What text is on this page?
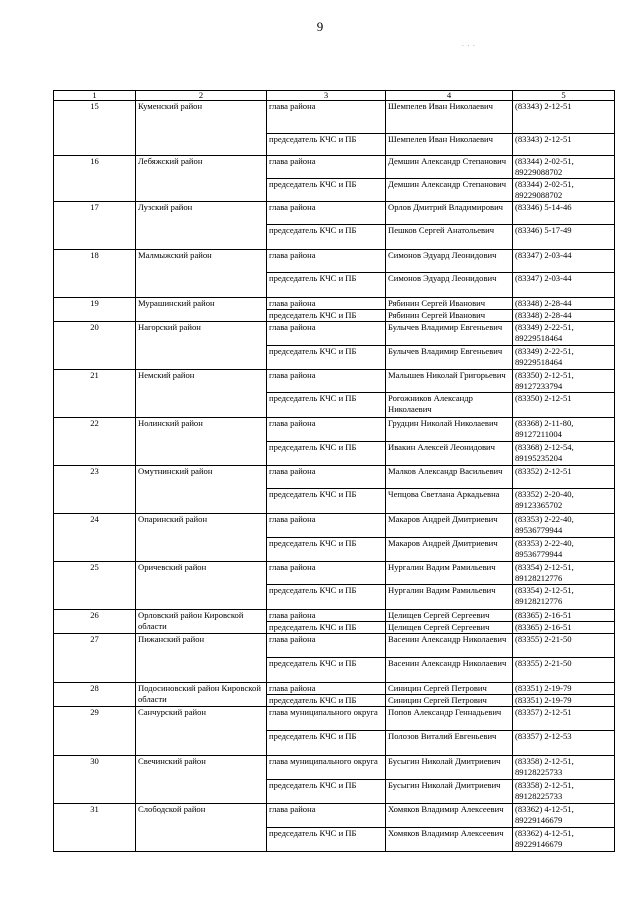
9
. . .
1	2	3	4	5
15	Куменский район	глава района	Шемпелев Иван Николаевич	(83343) 2-12-51
		председатель КЧС и ПБ	Шемпелев Иван Николаевич	(83343) 2-12-51
16	Лебяжский район	глава района	Демшин Александр Степанович	(83344) 2-02-51, 89229088702
		председатель КЧС и ПБ	Демшин Александр Степанович	(83344) 2-02-51, 89229088702
17	Лузский район	глава района	Орлов Дмитрий Владимирович	(83346) 5-14-46
		председатель КЧС и ПБ	Пешков Сергей Анатольевич	(83346) 5-17-49
18	Малмыжский район	глава района	Симонов Эдуард Леонидович	(83347) 2-03-44
		председатель КЧС и ПБ	Симонов Эдуард Леонидович	(83347) 2-03-44
19	Мурашинский район	глава района	Рябинин Сергей Иванович	(83348) 2-28-44
		председатель КЧС и ПБ	Рябинин Сергей Иванович	(83348) 2-28-44
20	Нагорский район	глава района	Булычев Владимир Евгеньевич	(83349) 2-22-51, 89229518464
		председатель КЧС и ПБ	Булычев Владимир Евгеньевич	(83349) 2-22-51, 89229518464
21	Немский район	глава района	Малышев Николай Григорьевич	(83350) 2-12-51, 89127233794
		председатель КЧС и ПБ	Рогожников Александр Николаевич	(83350) 2-12-51
22	Нолинский район	глава района	Грудцин Николай Николаевич	(83368) 2-11-80, 89127211004
		председатель КЧС и ПБ	Ивакин Алексей Леонидович	(83368) 2-12-54, 89195235204
23	Омутнинский район	глава района	Малков Александр Васильевич	(83352) 2-12-51
		председатель КЧС и ПБ	Чепцова Светлана Аркадьевна	(83352) 2-20-40, 89123365702
24	Опаринский район	глава района	Макаров Андрей Дмитриевич	(83353) 2-22-40, 89536779944
		председатель КЧС и ПБ	Макаров Андрей Дмитриевич	(83353) 2-22-40, 89536779944
25	Оричевский район	глава района	Нургалин Вадим Рамильевич	(83354) 2-12-51, 89128212776
		председатель КЧС и ПБ	Нургалин Вадим Рамильевич	(83354) 2-12-51, 89128212776
26	Орловский район Кировской области	глава района	Целищев Сергей Сергеевич	(83365) 2-16-51
		председатель КЧС и ПБ	Целищев Сергей Сергеевич	(83365) 2-16-51
27	Пижанский район	глава района	Васенин Александр Николаевич	(83355) 2-21-50
		председатель КЧС и ПБ	Васенин Александр Николаевич	(83355) 2-21-50
28	Подосиновский район Кировской области	глава района	Синицин Сергей Петрович	(83351) 2-19-79
		председатель КЧС и ПБ	Синицин Сергей Петрович	(83351) 2-19-79
29	Санчурский район	глава муниципального округа	Попов Александр Геннадьевич	(83357) 2-12-51
		председатель КЧС и ПБ	Полозов Виталий Евгеньевич	(83357) 2-12-53
30	Свечинский район	глава муниципального округа	Бусыгин Николай Дмитриевич	(83358) 2-12-51, 89128225733
		председатель КЧС и ПБ	Бусыгин Николай Дмитриевич	(83358) 2-12-51, 89128225733
31	Слободской район	глава района	Хомяков Владимир Алексеевич	(83362) 4-12-51, 89229146679
		председатель КЧС и ПБ	Хомяков Владимир Алексеевич	(83362) 4-12-51, 89229146679
